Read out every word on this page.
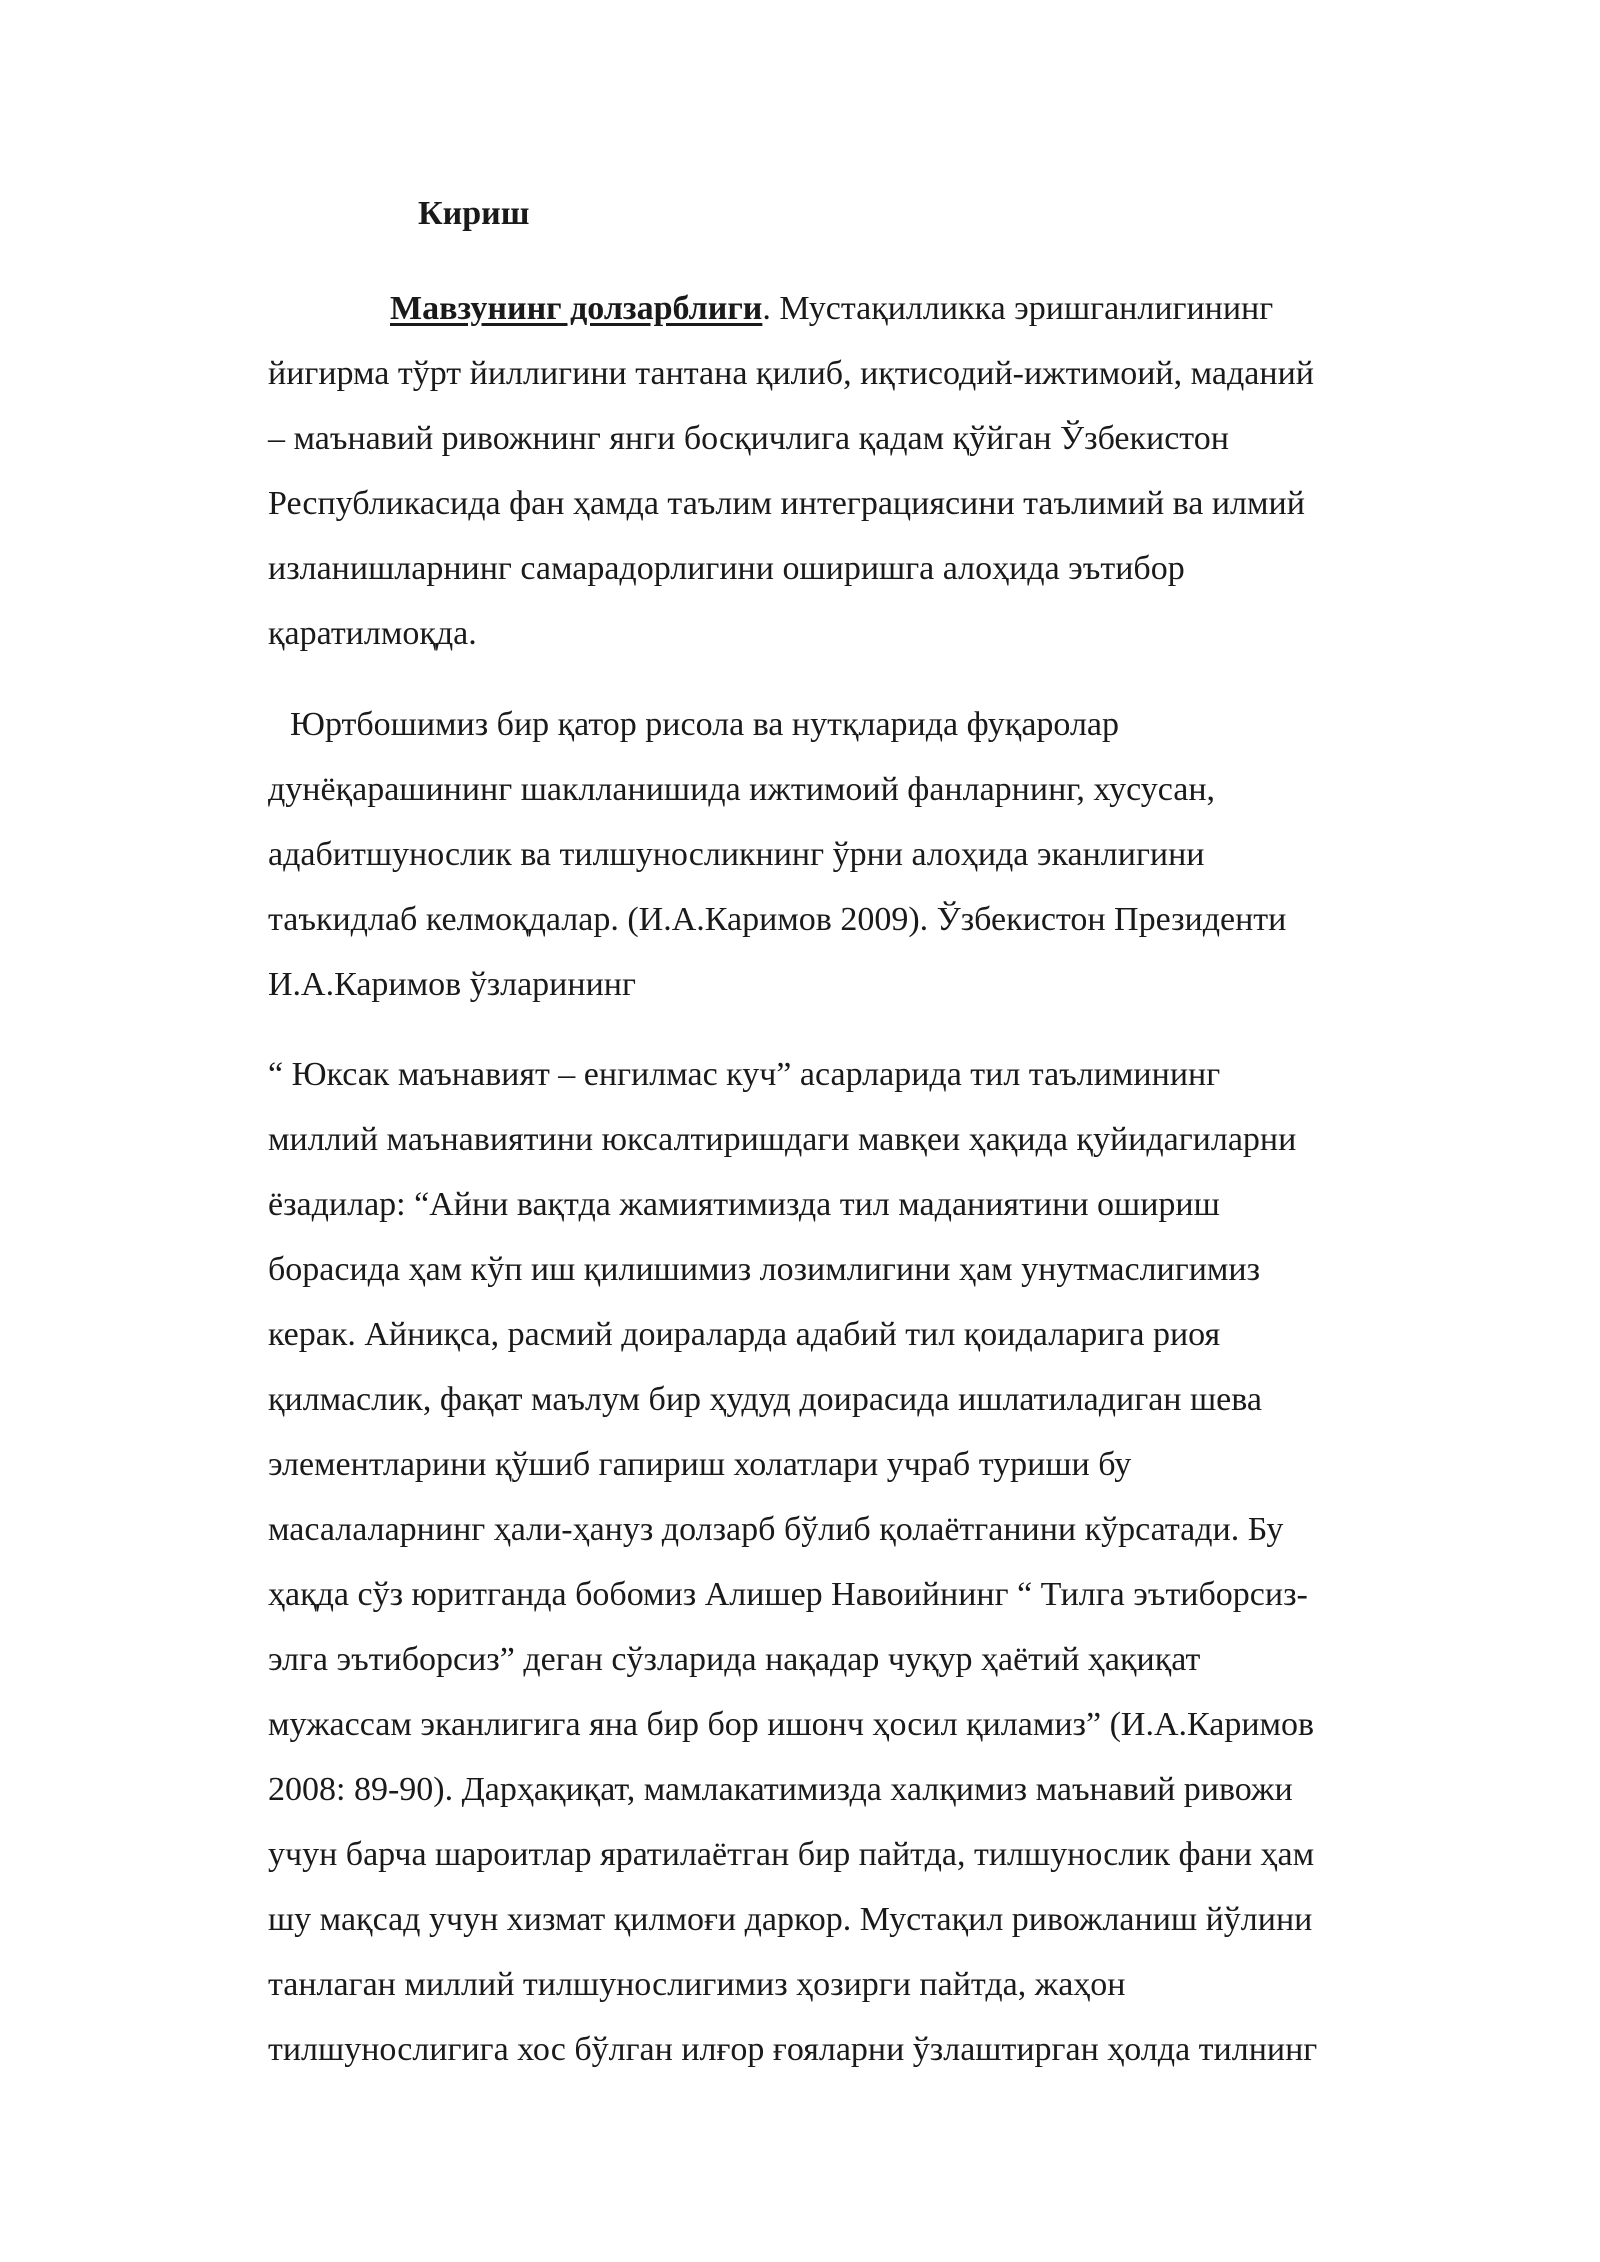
Кириш

Мавзунинг долзарблиги. Мустақилликка эришганлигининг
йигирма тўрт йиллигини тантана қилиб, иқтисодий-ижтимоий, маданий
– маънавий ривожнинг янги босқичлига қадам қўйган Ўзбекистон
Республикасида фан ҳамда таълим интеграциясини таълимий ва илмий
изланишларнинг самарадорлигини оширишга алоҳида эътибор
қаратилмоқда.

Юртбошимиз бир қатор рисола ва нутқларида фуқаролар
дунёқарашининг шаклланишида ижтимоий фанларнинг, хусусан,
адабитшунослик ва тилшуносликнинг ўрни алоҳида эканлигини
таъкидлаб келмоқдалар. (И.А.Каримов 2009). Ўзбекистон Президенти
И.А.Каримов ўзларининг

“ Юксак маънавият – енгилмас куч” асарларида тил таълимининг
миллий маънавиятини юксалтиришдаги мавқеи ҳақида қуйидагиларни
ёзадилар: “Айни вақтда жамиятимизда тил маданиятини ошириш
борасида ҳам кўп иш қилишимиз лозимлигини ҳам унутмаслигимиз
керак. Айниқса, расмий доираларда адабий тил қоидаларига риоя
қилмаслик, фақат маълум бир ҳудуд доирасида ишлатиладиган шева
элементларини қўшиб гапириш холатлари учраб туриши бу
масалаларнинг ҳали-ҳануз долзарб бўлиб қолаётганини кўрсатади. Бу
ҳақда сўз юритганда бобомиз Алишер Навоийнинг “ Тилга эътиборсиз-
элга эътиборсиз” деган сўзларида нақадар чуқур ҳаётий ҳақиқат
мужассам эканлигига яна бир бор ишонч ҳосил қиламиз” (И.А.Каримов
2008: 89-90). Дарҳақиқат, мамлакатимизда халқимиз маънавий ривожи
учун барча шароитлар яратилаётган бир пайтда, тилшунослик фани ҳам
шу мақсад учун хизмат қилмоғи даркор. Мустақил ривожланиш йўлини
танлаган миллий тилшунослигимиз ҳозирги пайтда, жаҳон
тилшунослигига хос бўлган илғор ғояларни ўзлаштирган ҳолда тилнинг
